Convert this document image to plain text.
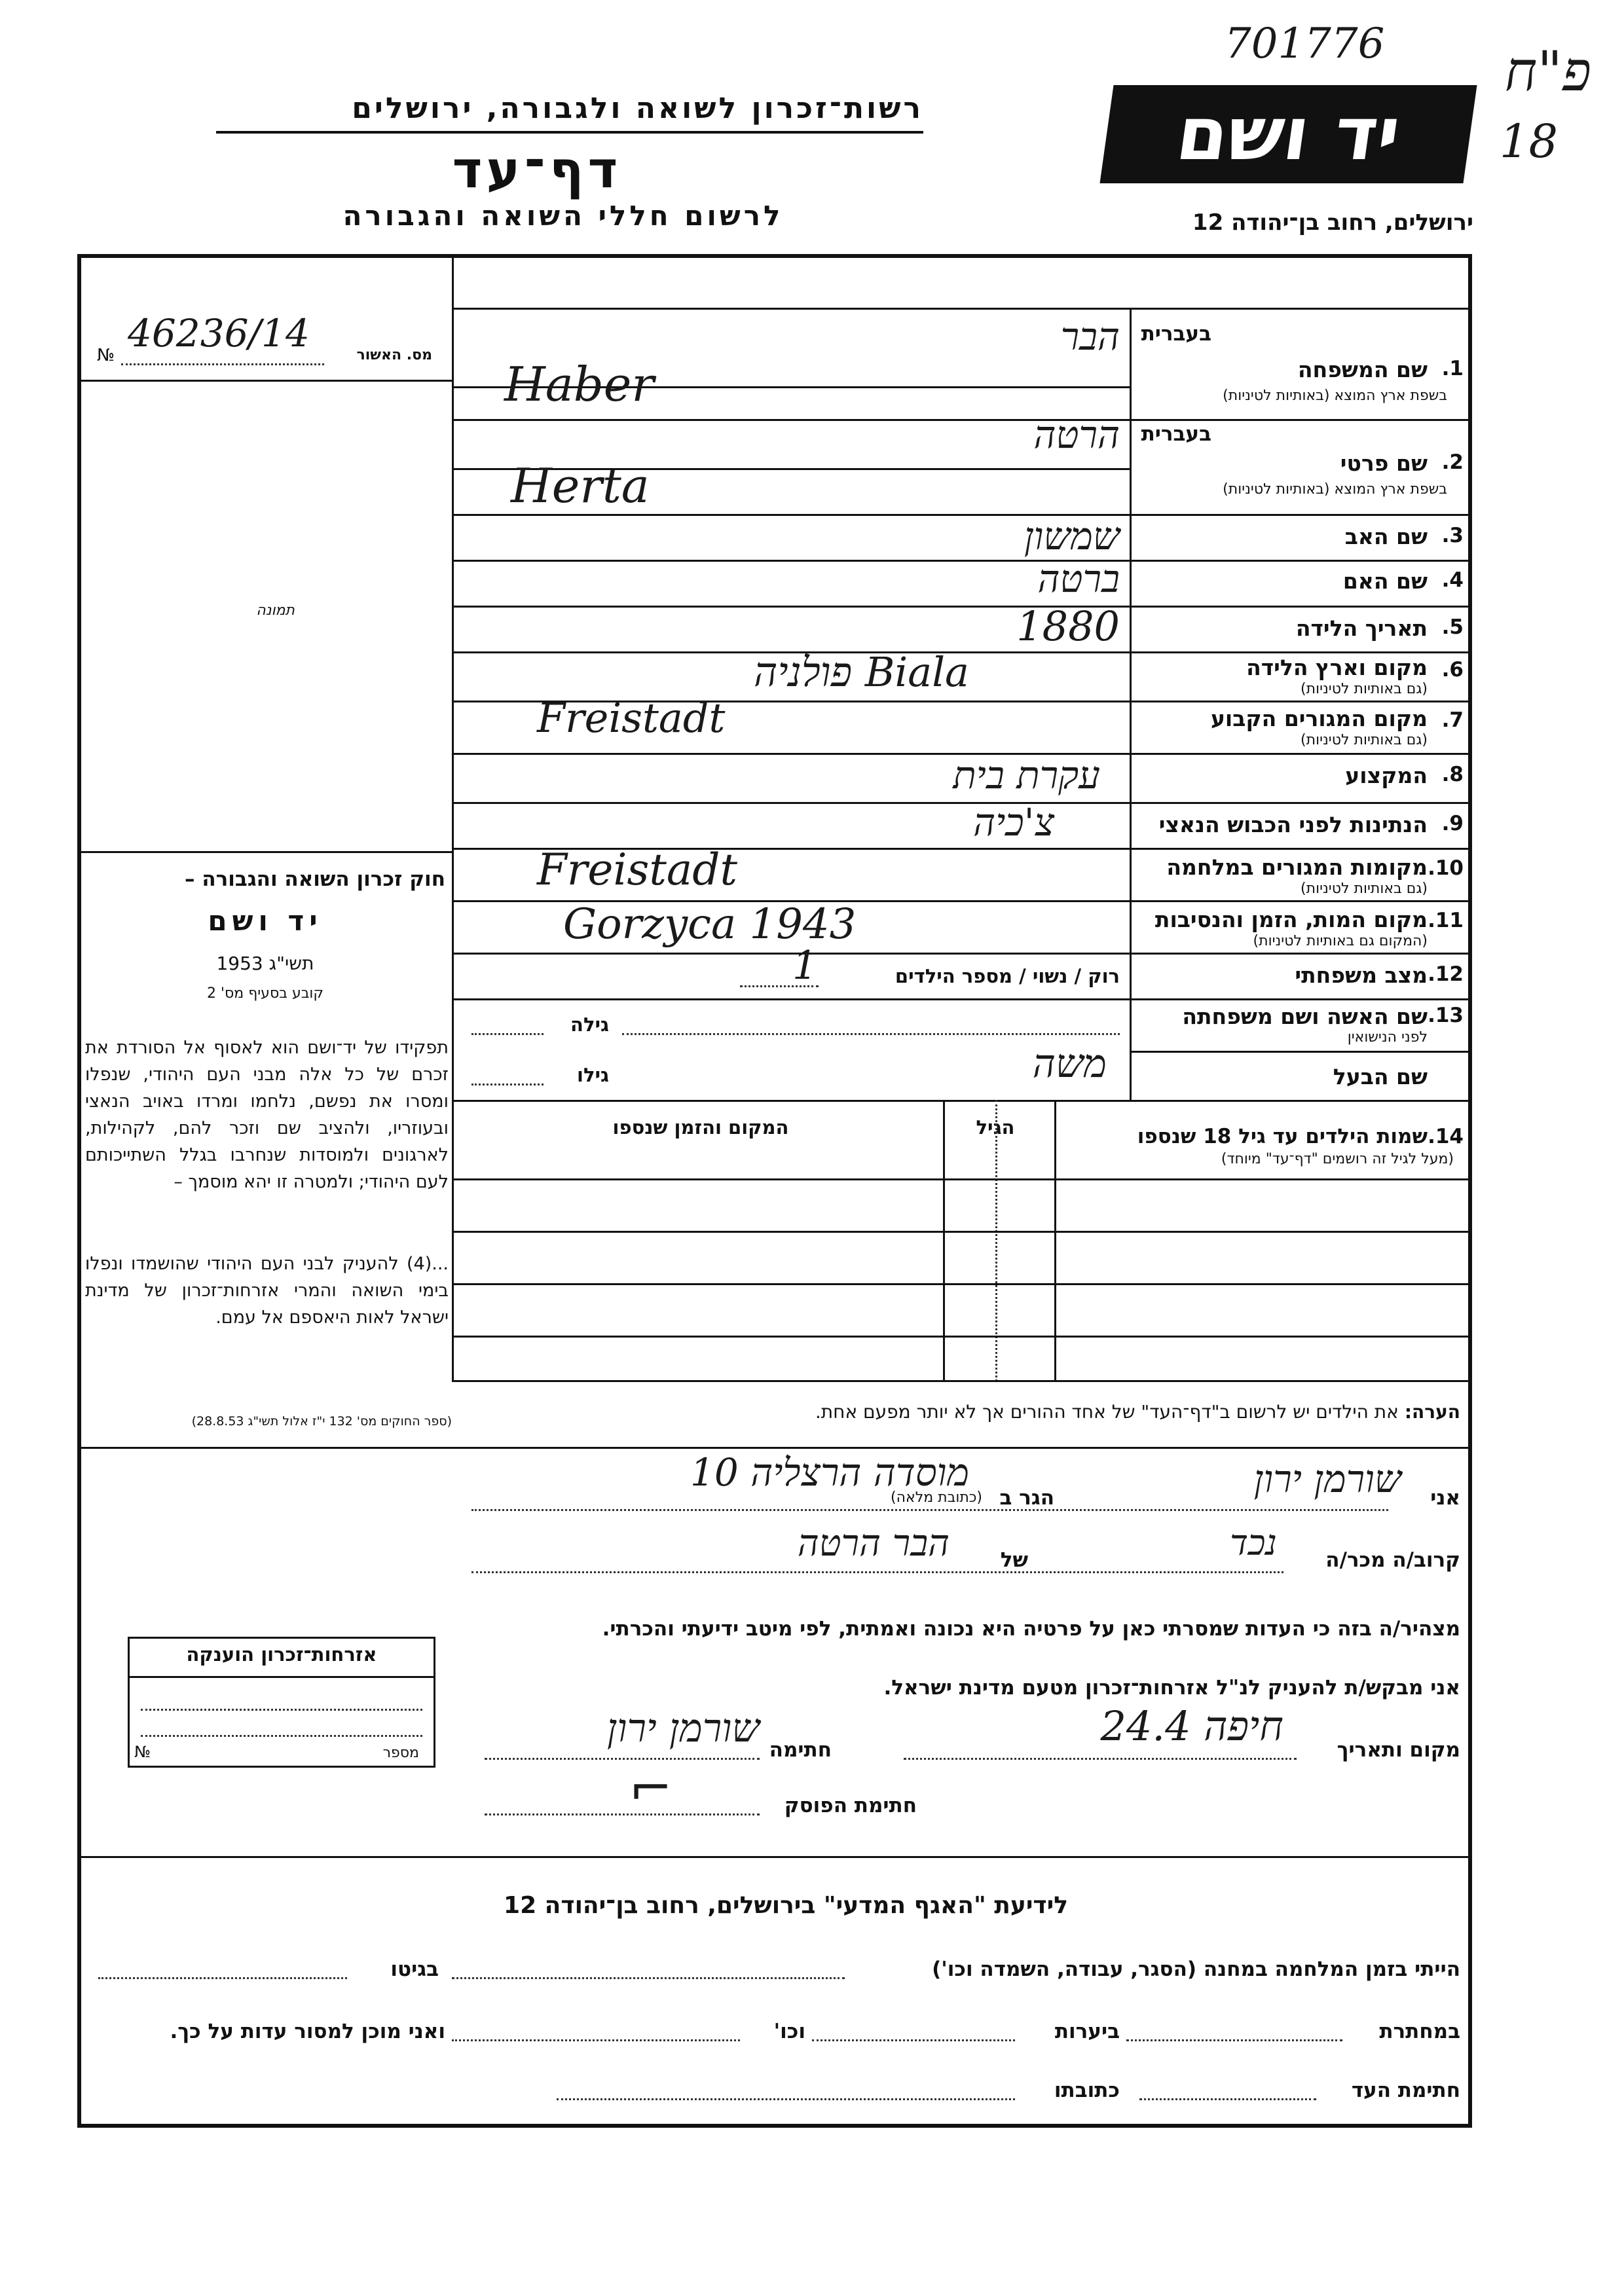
701776	פ"ח
18
רשות־זכרון לשואה ולגבורה, ירושלים
דף־עד
לרשום חללי השואה והגבורה
יד ושם
ירושלים, רחוב בן־יהודה 12
מס. האשור
46236/14
№
תמונה
חוק זכרון השואה והגבורה –
יד ושם
תשי"ג 1953
קובע בסעיף מס' 2
תפקידו של יד־ושם הוא לאסוף אל הסורדת את זכרם של כל אלה מבני העם היהודי, שנפלו ומסרו את נפשם, נלחמו ומרדו באויב הנאצי ובעוזריו, ולהציב שם וזכר להם, לקהילות, לארגונים ולמוסדות שנחרבו בגלל השתייכותם לעם היהודי; ולמטרה זו יהא מוסמך –
...(4) להעניק לבני העם היהודי שהושמדו ונפלו בימי השואה והמרי אזרחות־זכרון של מדינת ישראל לאות היאספם אל עמם.
(ספר החוקים מס' 132 י"ז אלול תשי"ג 28.8.53)
בעברית
שם המשפחה 1.
בשפת ארץ המוצא (באותיות לטיניות)
הבר
Haber
בעברית
שם פרטי 2.
בשפת ארץ המוצא (באותיות לטיניות)
הרטה
Herta
שם האב 3.
שמשון
שם האם 4.
ברטה
תאריך הלידה 5.
1880
מקום וארץ הלידה 6.
(גם באותיות לטיניות)
Biala פולניה
מקום המגורים הקבוע 7.
(גם באותיות לטיניות)
Freistadt
המקצוע 8.
עקרת בית
הנתינות לפני הכבוש הנאצי 9.
צ'כיה
מקומות המגורים במלחמה 10.
(גם באותיות לטיניות)
Freistadt
מקום המות, הזמן והנסיבות 11.
(המקום גם באותיות לטיניות)
Gorzyca 1943
מצב משפחתי 12.
רוק / נשוי / מספר הילדים
1
שם האשה ושם משפחתה 13.
לפני הנישואין
גילה
שם הבעל
גילו	משה
שמות הילדים עד גיל 18 שנספו 14.
(מעל לגיל זה רושמים "דף־עד" מיוחד)
הגיל
המקום והזמן שנספו
הערה: את הילדים יש לרשום ב"דף־העד" של אחד ההורים אך לא יותר מפעם אחת.
אני
שורמן ירון
הגר ב
(כתובת מלאה)
מוסדה הרצליה 10
קרוב/ה מכר/ה
נכד
של
הבר הרטה
מצהיר/ה בזה כי העדות שמסרתי כאן על פרטיה היא נכונה ואמתית, לפי מיטב ידיעתי והכרתי.
אני מבקש/ת להעניק לנ"ל אזרחות־זכרון מטעם מדינת ישראל.
מקום ותאריך
חיפה 24.4
חתימה
שורמן ירון
חתימת הפוסק
⌐
אזרחות־זכרון הוענקה
מספר
№
לידיעת "האגף המדעי" בירושלים, רחוב בן־יהודה 12
הייתי בזמן המלחמה במחנה (הסגר, עבודה, השמדה וכו')
בגיטו
במחתרת
ביערות
וכו'
ואני מוכן למסור עדות על כך.
חתימת העד
כתובתו
